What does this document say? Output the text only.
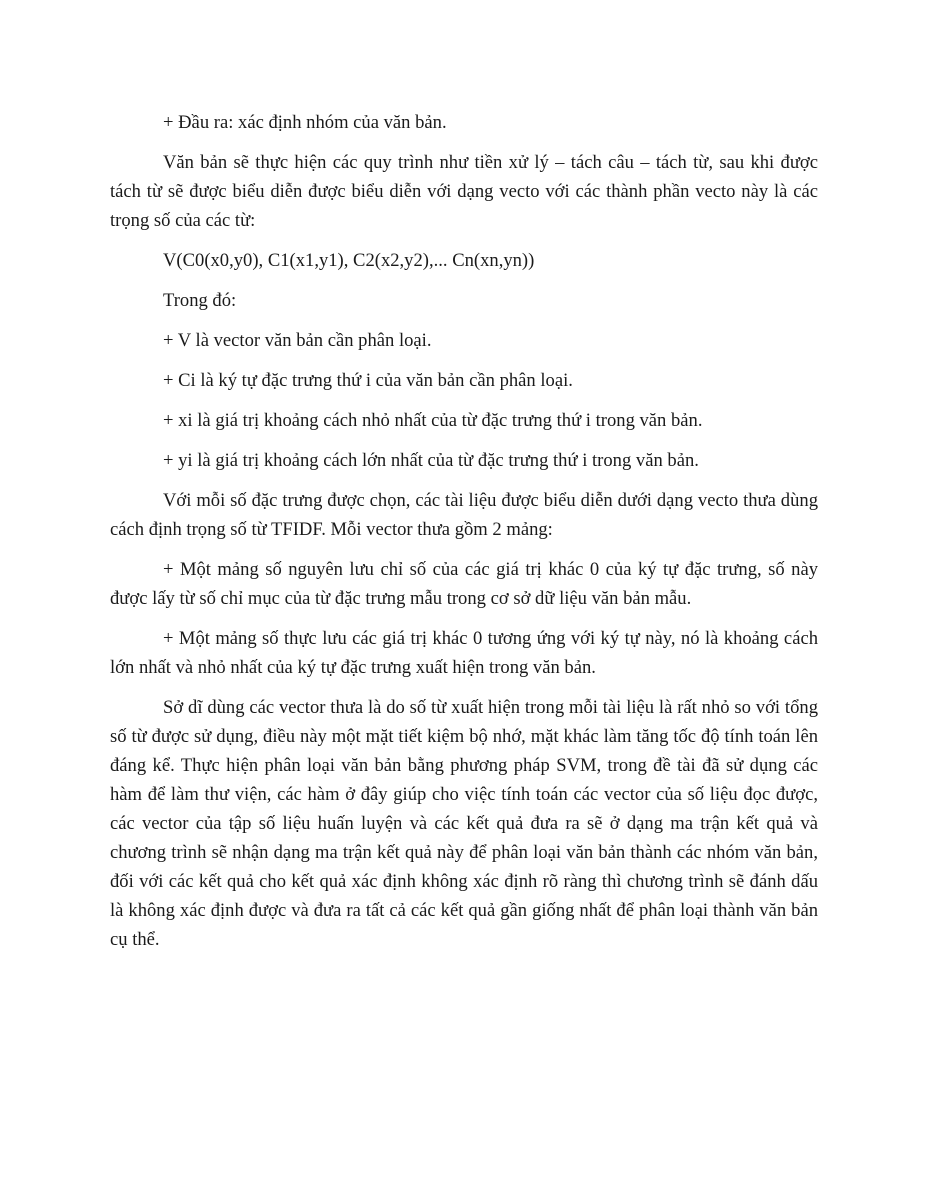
+ Đầu ra: xác định nhóm của văn bản.

Văn bản sẽ thực hiện các quy trình như tiền xử lý – tách câu – tách từ, sau khi được tách từ sẽ được biểu diễn được biểu diễn với dạng vecto với các thành phần vecto này là các trọng số của các từ:

V(C0(x0,y0), C1(x1,y1), C2(x2,y2),... Cn(xn,yn))

Trong đó:

+ V là vector văn bản cần phân loại.

+ Ci là ký tự đặc trưng thứ i của văn bản cần phân loại.

+ xi là giá trị khoảng cách nhỏ nhất của từ đặc trưng thứ i trong văn bản.

+ yi là giá trị khoảng cách lớn nhất của từ đặc trưng thứ i trong văn bản.

Với mỗi số đặc trưng được chọn, các tài liệu được biểu diễn dưới dạng vecto thưa dùng cách định trọng số từ TFIDF. Mỗi vector thưa gồm 2 mảng:

+ Một mảng số nguyên lưu chỉ số của các giá trị khác 0 của ký tự đặc trưng, số này được lấy từ số chỉ mục của từ đặc trưng mẫu trong cơ sở dữ liệu văn bản mẫu.

+ Một mảng số thực lưu các giá trị khác 0 tương ứng với ký tự này, nó là khoảng cách lớn nhất và nhỏ nhất của ký tự đặc trưng xuất hiện trong văn bản.

Sở dĩ dùng các vector thưa là do số từ xuất hiện trong mỗi tài liệu là rất nhỏ so với tổng số từ được sử dụng, điều này một mặt tiết kiệm bộ nhớ, mặt khác làm tăng tốc độ tính toán lên đáng kể. Thực hiện phân loại văn bản bằng phương pháp SVM, trong đề tài đã sử dụng các hàm để làm thư viện, các hàm ở đây giúp cho việc tính toán các vector của số liệu đọc được, các vector của tập số liệu huấn luyện và các kết quả đưa ra sẽ ở dạng ma trận kết quả và chương trình sẽ nhận dạng ma trận kết quả này để phân loại văn bản thành các nhóm văn bản, đối với các kết quả cho kết quả xác định không xác định rõ ràng thì chương trình sẽ đánh dấu là không xác định được và đưa ra tất cả các kết quả gần giống nhất để phân loại thành văn bản cụ thể.
